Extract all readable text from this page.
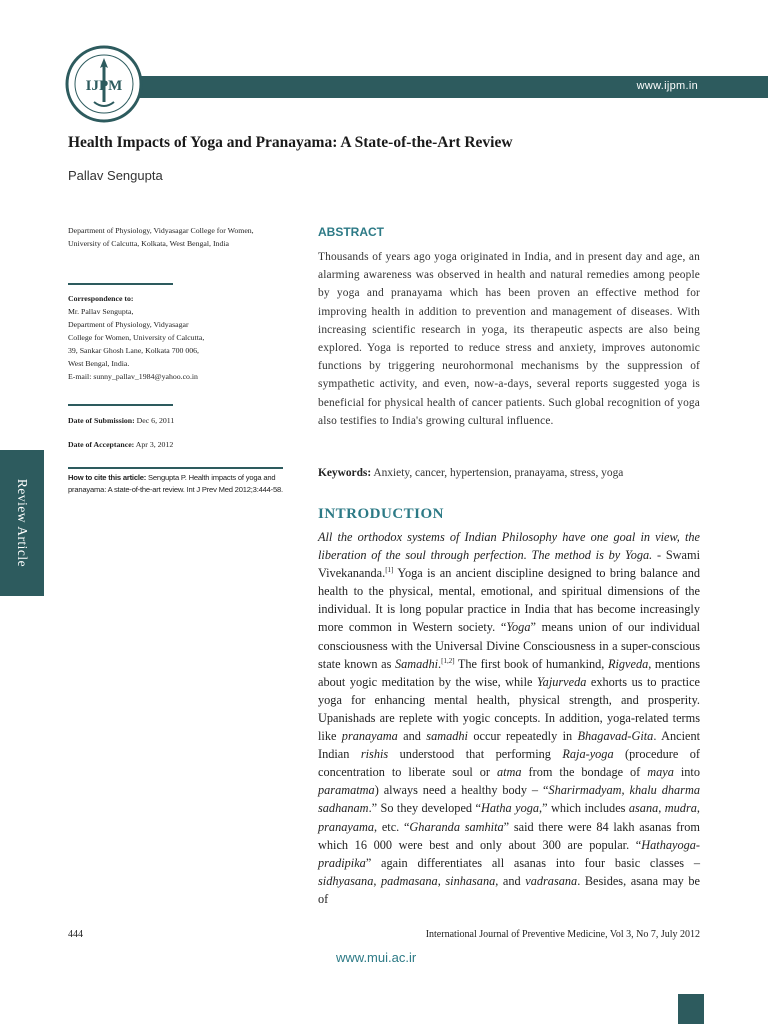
www.ijpm.in
IJPM
Health Impacts of Yoga and Pranayama: A State-of-the-Art Review
Pallav Sengupta
Review Article
Department of Physiology, Vidyasagar College for Women, University of Calcutta, Kolkata, West Bengal, India
Correspondence to:
Mr. Pallav Sengupta,
Department of Physiology, Vidyasagar
College for Women, University of Calcutta,
39, Sankar Ghosh Lane, Kolkata 700 006,
West Bengal, India.
E-mail: sunny_pallav_1984@yahoo.co.in
Date of Submission: Dec 6, 2011
Date of Acceptance: Apr 3, 2012
How to cite this article: Sengupta P. Health impacts of yoga and pranayama: A state-of-the-art review. Int J Prev Med 2012;3:444-58.
ABSTRACT
Thousands of years ago yoga originated in India, and in present day and age, an alarming awareness was observed in health and natural remedies among people by yoga and pranayama which has been proven an effective method for improving health in addition to prevention and management of diseases. With increasing scientific research in yoga, its therapeutic aspects are also being explored. Yoga is reported to reduce stress and anxiety, improves autonomic functions by triggering neurohormonal mechanisms by the suppression of sympathetic activity, and even, now-a-days, several reports suggested yoga is beneficial for physical health of cancer patients. Such global recognition of yoga also testifies to India's growing cultural influence.
Keywords: Anxiety, cancer, hypertension, pranayama, stress, yoga
INTRODUCTION
All the orthodox systems of Indian Philosophy have one goal in view, the liberation of the soul through perfection. The method is by Yoga. - Swami Vivekananda.[1] Yoga is an ancient discipline designed to bring balance and health to the physical, mental, emotional, and spiritual dimensions of the individual. It is long popular practice in India that has become increasingly more common in Western society. “Yoga” means union of our individual consciousness with the Universal Divine Consciousness in a super-conscious state known as Samadhi.[1,2] The first book of humankind, Rigveda, mentions about yogic meditation by the wise, while Yajurveda exhorts us to practice yoga for enhancing mental health, physical strength, and prosperity. Upanishads are replete with yogic concepts. In addition, yoga-related terms like pranayama and samadhi occur repeatedly in Bhagavad-Gita. Ancient Indian rishis understood that performing Raja-yoga (procedure of concentration to liberate soul or atma from the bondage of maya into paramatma) always need a healthy body – “Sharirmadyam, khalu dharma sadhanam.” So they developed “Hatha yoga,” which includes asana, mudra, pranayama, etc. “Gharanda samhita” said there were 84 lakh asanas from which 16 000 were best and only about 300 are popular. “Hathayoga-pradipika” again differentiates all asanas into four basic classes – sidhyasana, padmasana, sinhasana, and vadrasana. Besides, asana may be of
444	International Journal of Preventive Medicine, Vol 3, No 7, July 2012
www.mui.ac.ir
